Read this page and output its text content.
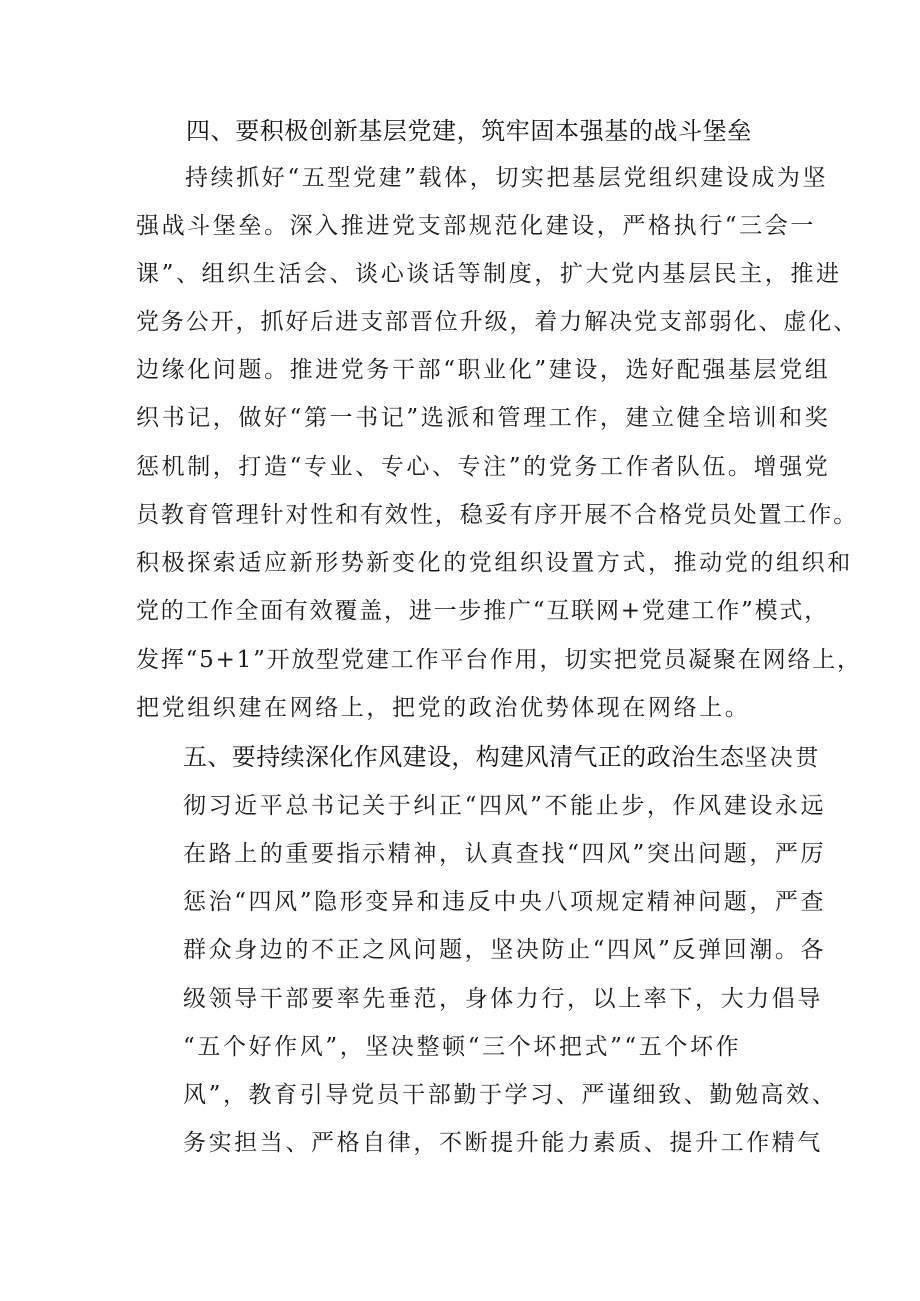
四、要积极创新基层党建，筑牢固本强基的战斗堡垒
持续抓好“五型党建”载体，切实把基层党组织建设成为坚
强战斗堡垒。深入推进党支部规范化建设，严格执行“三会一
课”、组织生活会、谈心谈话等制度，扩大党内基层民主，推进
党务公开，抓好后进支部晋位升级，着力解决党支部弱化、虚化、
边缘化问题。推进党务干部“职业化”建设，选好配强基层党组
织书记，做好“第一书记”选派和管理工作，建立健全培训和奖
惩机制，打造“专业、专心、专注”的党务工作者队伍。增强党
员教育管理针对性和有效性，稳妥有序开展不合格党员处置工作。
积极探索适应新形势新变化的党组织设置方式，推动党的组织和
党的工作全面有效覆盖，进一步推广“互联网+党建工作”模式，
发挥“5+1”开放型党建工作平台作用，切实把党员凝聚在网络上，
把党组织建在网络上，把党的政治优势体现在网络上。
五、要持续深化作风建设，构建风清气正的政治生态坚决贯
彻习近平总书记关于纠正“四风”不能止步，作风建设永远
在路上的重要指示精神，认真查找“四风”突出问题，严厉
惩治“四风”隐形变异和违反中央八项规定精神问题，严查
群众身边的不正之风问题，坚决防止“四风”反弹回潮。各
级领导干部要率先垂范，身体力行，以上率下，大力倡导
“五个好作风”，坚决整顿“三个坏把式”“五个坏作
风”，教育引导党员干部勤于学习、严谨细致、勤勉高效、
务实担当、严格自律，不断提升能力素质、提升工作精气
